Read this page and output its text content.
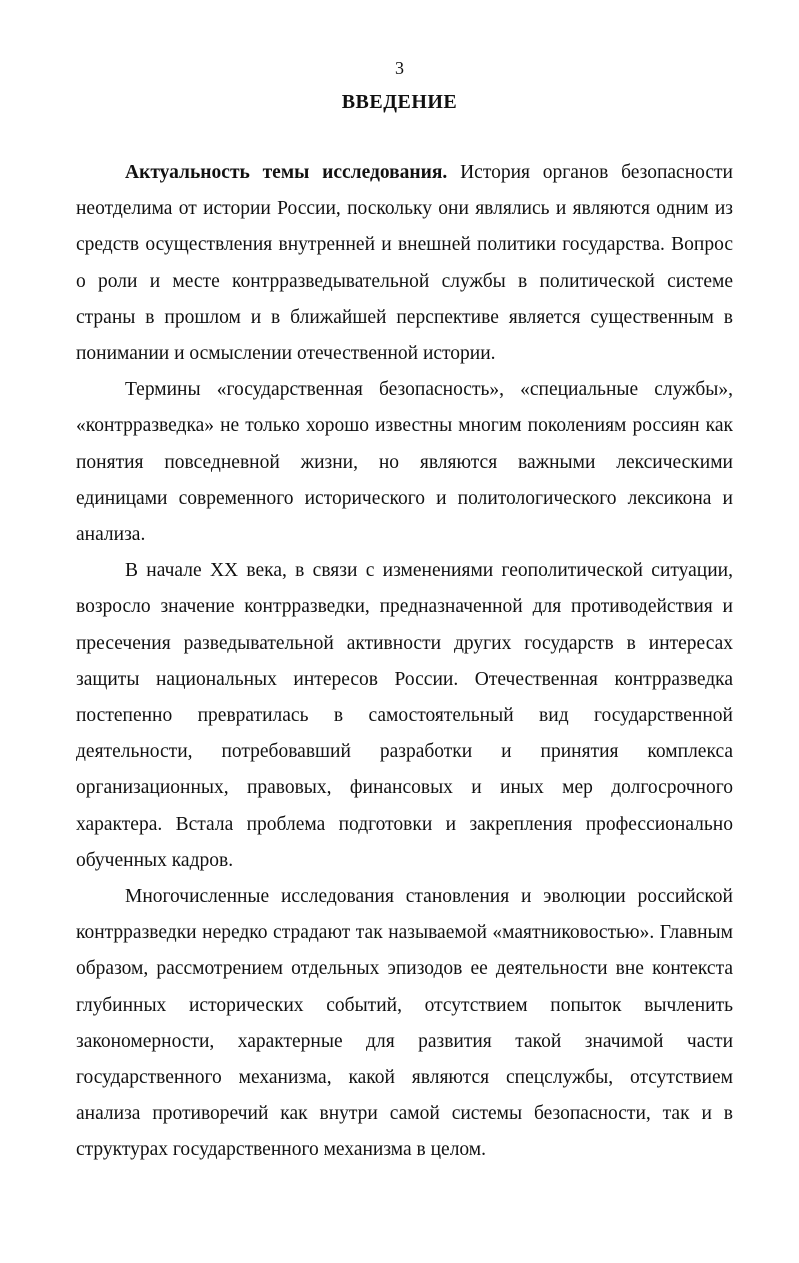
3
ВВЕДЕНИЕ

Актуальность темы исследования. История органов безопасности неотделима от истории России, поскольку они являлись и являются одним из средств осуществления внутренней и внешней политики государства. Вопрос о роли и месте контрразведывательной службы в политической системе страны в прошлом и в ближайшей перспективе является существенным в понимании и осмыслении отечественной истории.

Термины «государственная безопасность», «специальные службы», «контрразведка» не только хорошо известны многим поколениям россиян как понятия повседневной жизни, но являются важными лексическими единицами современного исторического и политологического лексикона и анализа.

В начале XX века, в связи с изменениями геополитической ситуации, возросло значение контрразведки, предназначенной для противодействия и пресечения разведывательной активности других государств в интересах защиты национальных интересов России. Отечественная контрразведка постепенно превратилась в самостоятельный вид государственной деятельности, потребовавший разработки и принятия комплекса организационных, правовых, финансовых и иных мер долгосрочного характера. Встала проблема подготовки и закрепления профессионально обученных кадров.

Многочисленные исследования становления и эволюции российской контрразведки нередко страдают так называемой «маятниковостью». Главным образом, рассмотрением отдельных эпизодов ее деятельности вне контекста глубинных исторических событий, отсутствием попыток вычленить закономерности, характерные для развития такой значимой части государственного механизма, какой являются спецслужбы, отсутствием анализа противоречий как внутри самой системы безопасности, так и в структурах государственного механизма в целом.
